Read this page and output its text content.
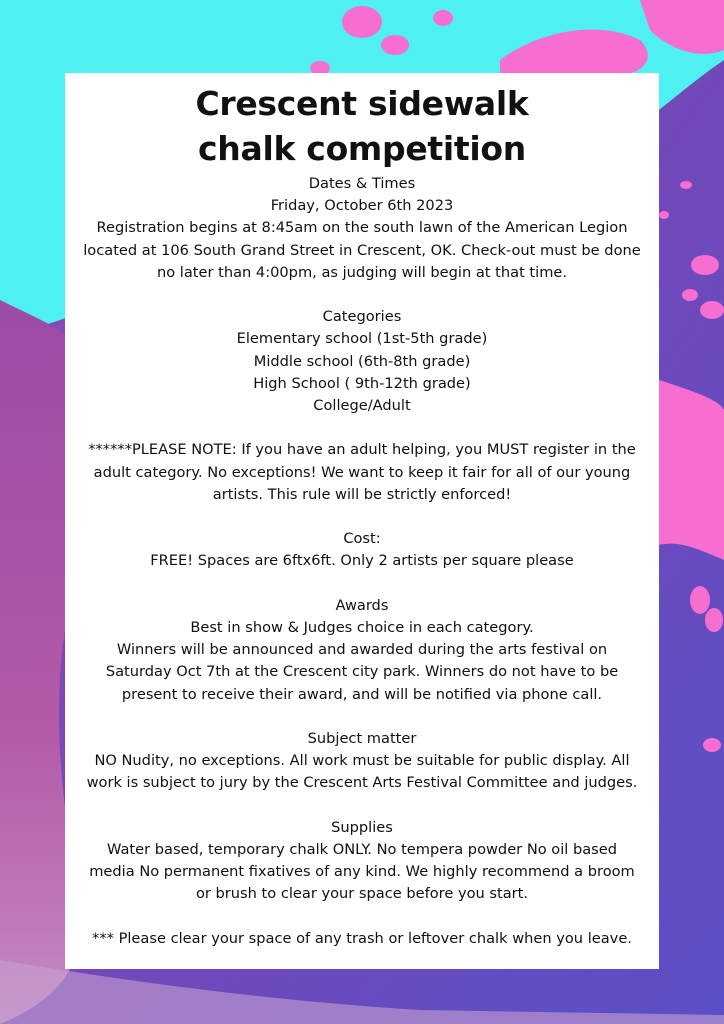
Crescent sidewalk
chalk competition
Dates & Times
Friday, October 6th 2023
Registration begins at 8:45am on the south lawn of the American Legion
located at 106 South Grand Street in Crescent, OK. Check-out must be done
no later than 4:00pm, as judging will begin at that time.
Categories
Elementary school (1st-5th grade)
Middle school (6th-8th grade)
High School ( 9th-12th grade)
College/Adult
******PLEASE NOTE: If you have an adult helping, you MUST register in the
adult category. No exceptions! We want to keep it fair for all of our young
artists. This rule will be strictly enforced!
Cost:
FREE! Spaces are 6ftx6ft. Only 2 artists per square please
Awards
Best in show & Judges choice in each category.
Winners will be announced and awarded during the arts festival on
Saturday Oct 7th at the Crescent city park. Winners do not have to be
present to receive their award, and will be notified via phone call.
Subject matter
NO Nudity, no exceptions. All work must be suitable for public display. All
work is subject to jury by the Crescent Arts Festival Committee and judges.
Supplies
Water based, temporary chalk ONLY. No tempera powder No oil based
media No permanent fixatives of any kind. We highly recommend a broom
or brush to clear your space before you start.
*** Please clear your space of any trash or leftover chalk when you leave.
